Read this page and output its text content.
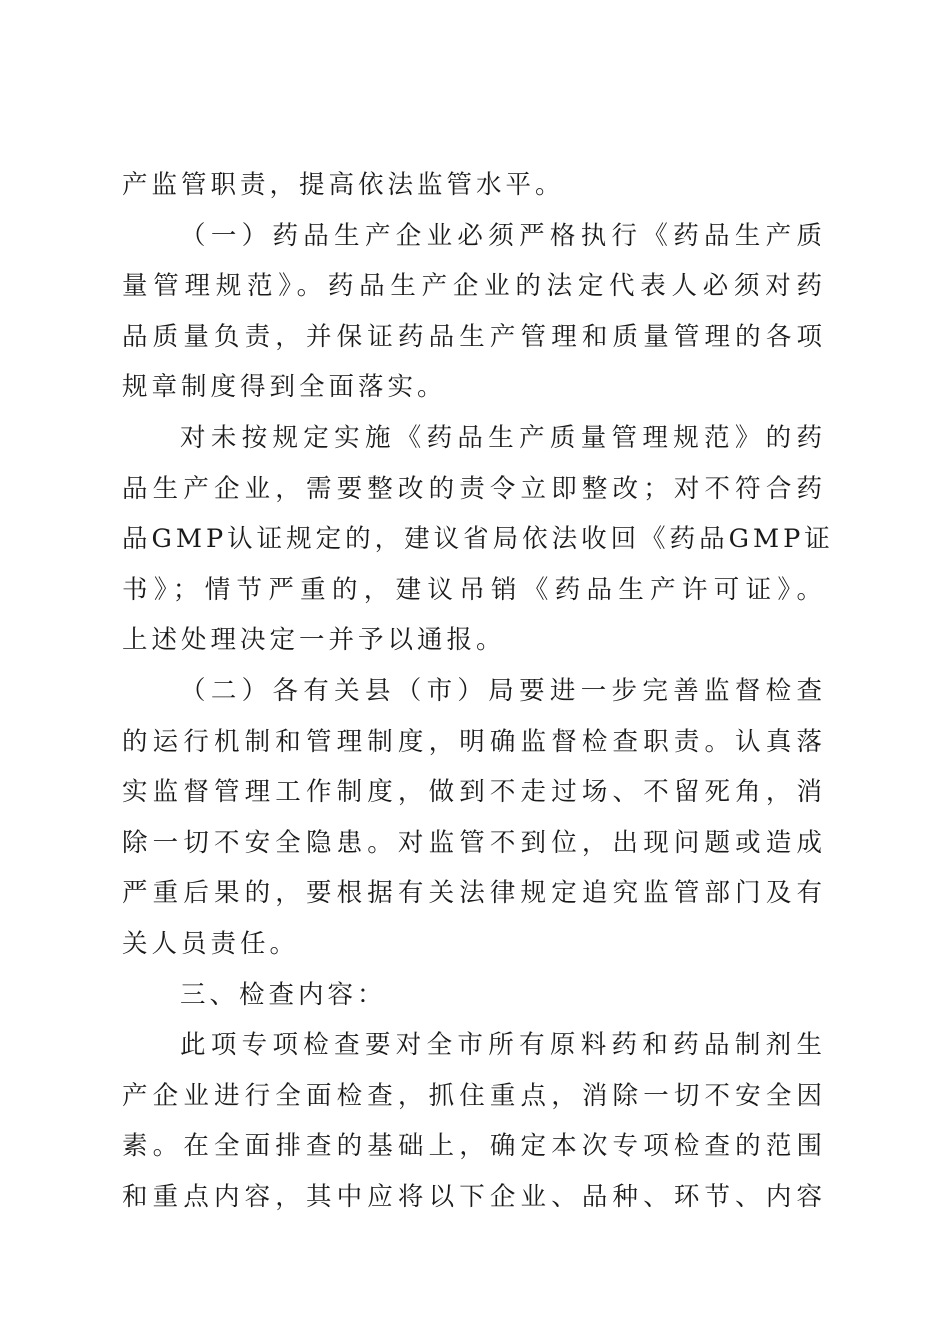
产监管职责，提高依法监管水平。
（一）药品生产企业必须严格执行《药品生产质
量管理规范》。药品生产企业的法定代表人必须对药
品质量负责，并保证药品生产管理和质量管理的各项
规章制度得到全面落实。
对未按规定实施《药品生产质量管理规范》的药
品生产企业，需要整改的责令立即整改；对不符合药
品GMP认证规定的，建议省局依法收回《药品GMP证
书》；情节严重的，建议吊销《药品生产许可证》。
上述处理决定一并予以通报。
（二）各有关县（市）局要进一步完善监督检查
的运行机制和管理制度，明确监督检查职责。认真落
实监督管理工作制度，做到不走过场、不留死角，消
除一切不安全隐患。对监管不到位，出现问题或造成
严重后果的，要根据有关法律规定追究监管部门及有
关人员责任。
三、检查内容：
此项专项检查要对全市所有原料药和药品制剂生
产企业进行全面检查，抓住重点，消除一切不安全因
素。在全面排查的基础上，确定本次专项检查的范围
和重点内容，其中应将以下企业、品种、环节、内容
